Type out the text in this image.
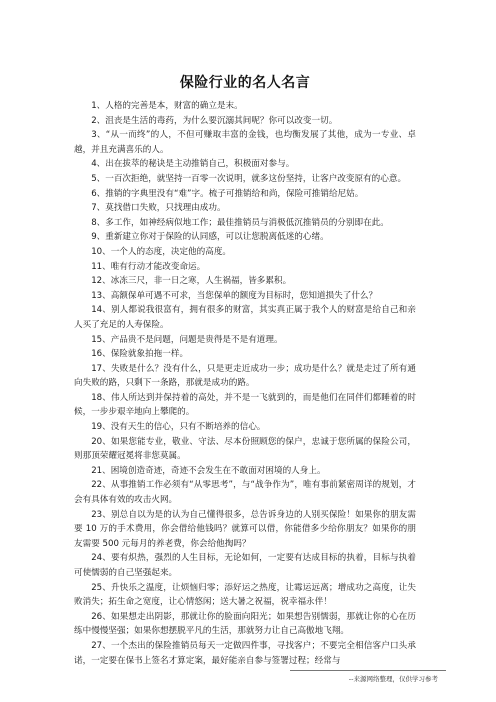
保险行业的名人名言

1、人格的完善是本，财富的确立是末。

2、沮丧是生活的毒药，为什么要沉溺其间呢？你可以改变一切。

3、“从一而终”的人，不但可赚取丰富的金钱，也均衡发展了其他，成为一专业、卓越，并且充满喜乐的人。

4、出在拔萃的秘诀是主动推销自己，积极面对参与。

5、一百次拒绝，就坚持一百零一次说明，就多这份坚持，让客户改变原有的心意。

6、推销的字典里没有“难”字。梳子可推销给和尚，保险可推销给尼姑。

7、莫找借口失败，只找理由成功。

8、多工作，如神经病似地工作；最佳推销员与消极低沉推销员的分别即在此。

9、重新建立你对于保险的认同感，可以让您脱离低迷的心绪。

10、一个人的态度，决定他的高度。

11、唯有行动才能改变命运。

12、冰冻三尺，非一日之寒，人生祸福，皆多累积。

13、高额保单可遇不可求，当您保单的额度为目标时，您知道损失了什么？

14、别人都说我很富有，拥有很多的财富，其实真正属于我个人的财富是给自己和亲人买了充足的人寿保险。

15、产品贵不是问题，问题是贵得是不是有道理。

16、保险就象拍拖一样。

17、失败是什么？没有什么，只是更走近成功一步；成功是什么？就是走过了所有通向失败的路，只剩下一条路，那就是成功的路。

18、伟人所达到并保持着的高处，并不是一飞就到的，而是他们在同伴们都睡着的时候，一步步艰辛地向上攀爬的。

19、没有天生的信心，只有不断培养的信心。

20、如果您能专业，敬业、守法、尽本份照顾您的保户，忠诚于您所属的保险公司，则那顶荣耀冠冕将非您莫属。

21、困境创造奇迹，奇迹不会发生在不敢面对困境的人身上。

22、从事推销工作必须有“从零思考”，与“战争作为”，唯有事前紧密周详的规划，才会有具体有效的攻击火网。

23、别总自以为是的认为自己懂得很多，总告诉身边的人别买保险！如果你的朋友需要 10 万的手术费用，你会借给他钱吗？就算可以借，你能借多少给你朋友？如果你的朋友需要 500 元每月的养老费，你会给他掏吗？

24、要有炽热，强烈的人生目标，无论如何，一定要有达成目标的执着，目标与执着可使懦弱的自己坚强起来。

25、升快乐之温度，让烦恼归零；添好运之热度，让霉运远离；增成功之高度，让失败消失；拓生命之宽度，让心情悠闲；送大暑之祝福，祝幸福永伴！

26、如果想走出阴影，那就让你的脸面向阳光；如果想告别懦弱，那就让你的心在历练中慢慢坚强；如果你想摆脱平凡的生活，那就努力让自己高傲地飞翔。

27、一个杰出的保险推销员每天一定做四件事，寻找客户；不要完全相信客户口头承诺，一定要在保书上签名才算定案，最好能亲自参与签署过程；经常与

--来源网络整理，仅供学习参考
